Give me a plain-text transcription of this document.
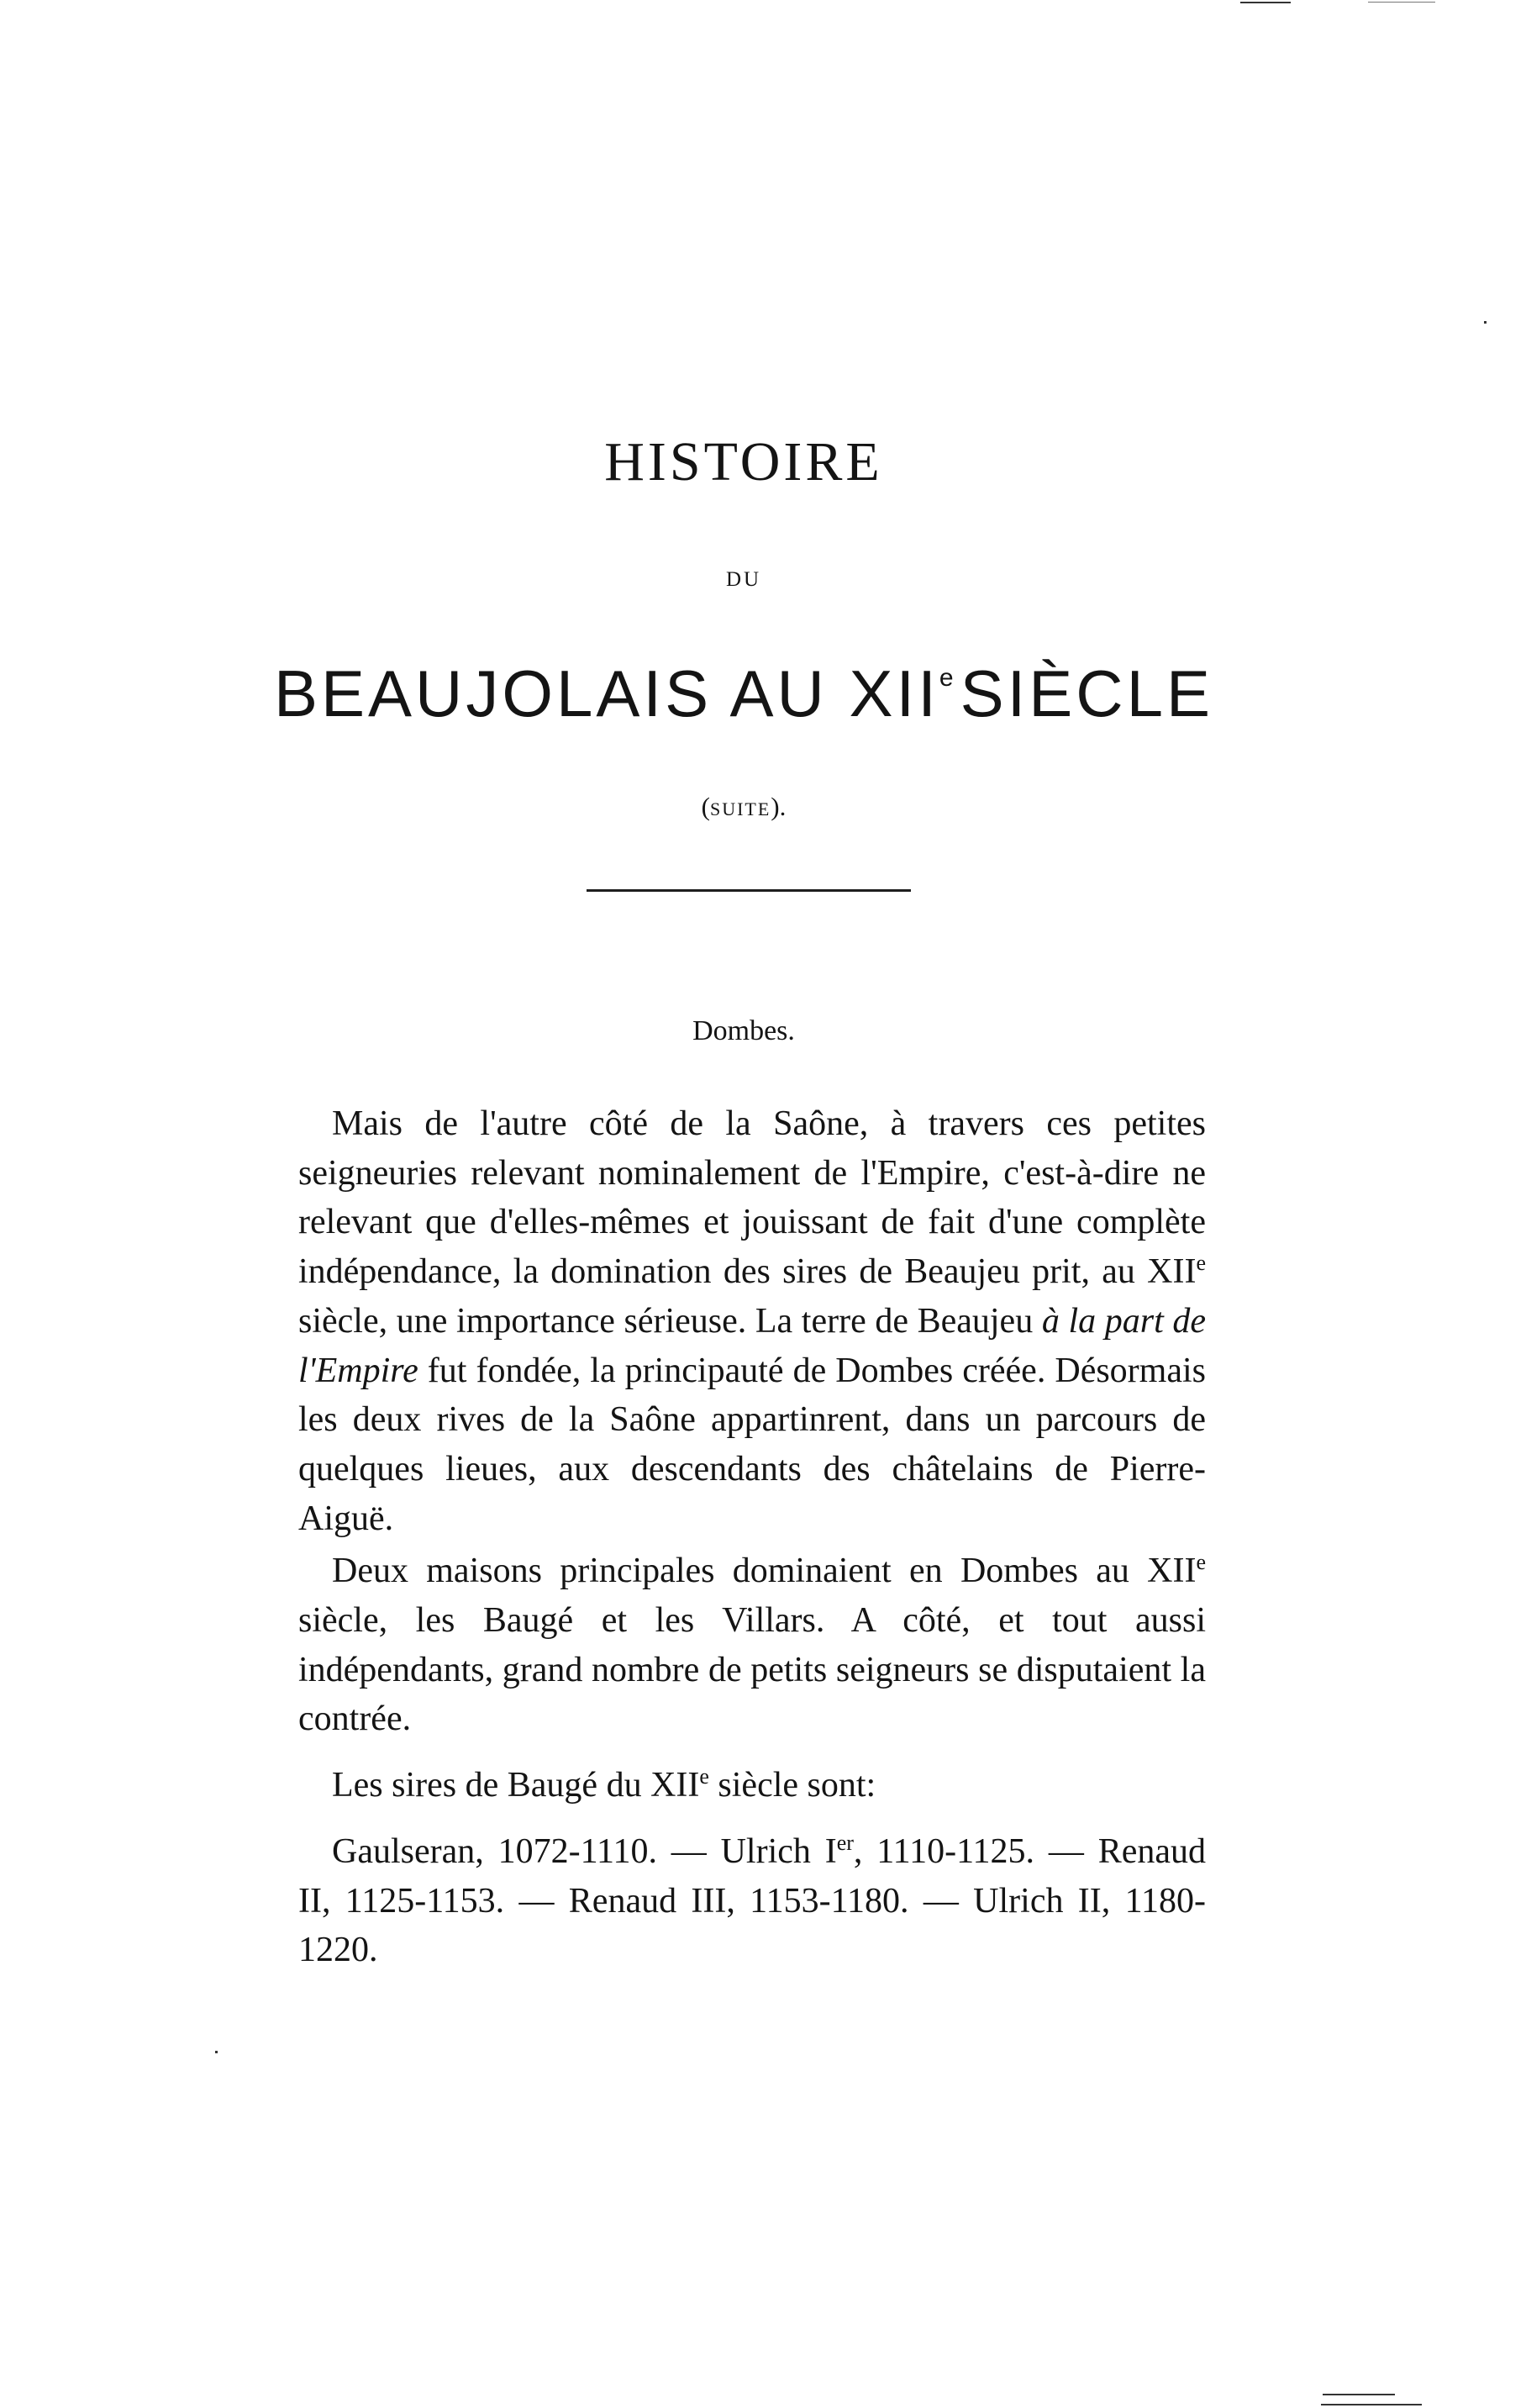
HISTOIRE
DU
BEAUJOLAIS AU XIIe SIÈCLE
(SUITE).
Dombes.

Mais de l'autre côté de la Saône, à travers ces petites seigneuries relevant nominalement de l'Empire, c'est-à-dire ne relevant que d'elles-mêmes et jouissant de fait d'une complète indépendance, la domination des sires de Beaujeu prit, au XIIe siècle, une importance sérieuse. La terre de Beaujeu à la part de l'Empire fut fondée, la principauté de Dombes créée. Désormais les deux rives de la Saône appartinrent, dans un parcours de quelques lieues, aux descendants des châtelains de Pierre-Aiguë.

Deux maisons principales dominaient en Dombes au XIIe siècle, les Baugé et les Villars. A côté, et tout aussi indépendants, grand nombre de petits seigneurs se disputaient la contrée.

Les sires de Baugé du XIIe siècle sont:

Gaulseran, 1072-1110. — Ulrich Ier, 1110-1125. — Renaud II, 1125-1153. — Renaud III, 1153-1180. — Ulrich II, 1180-1220.
